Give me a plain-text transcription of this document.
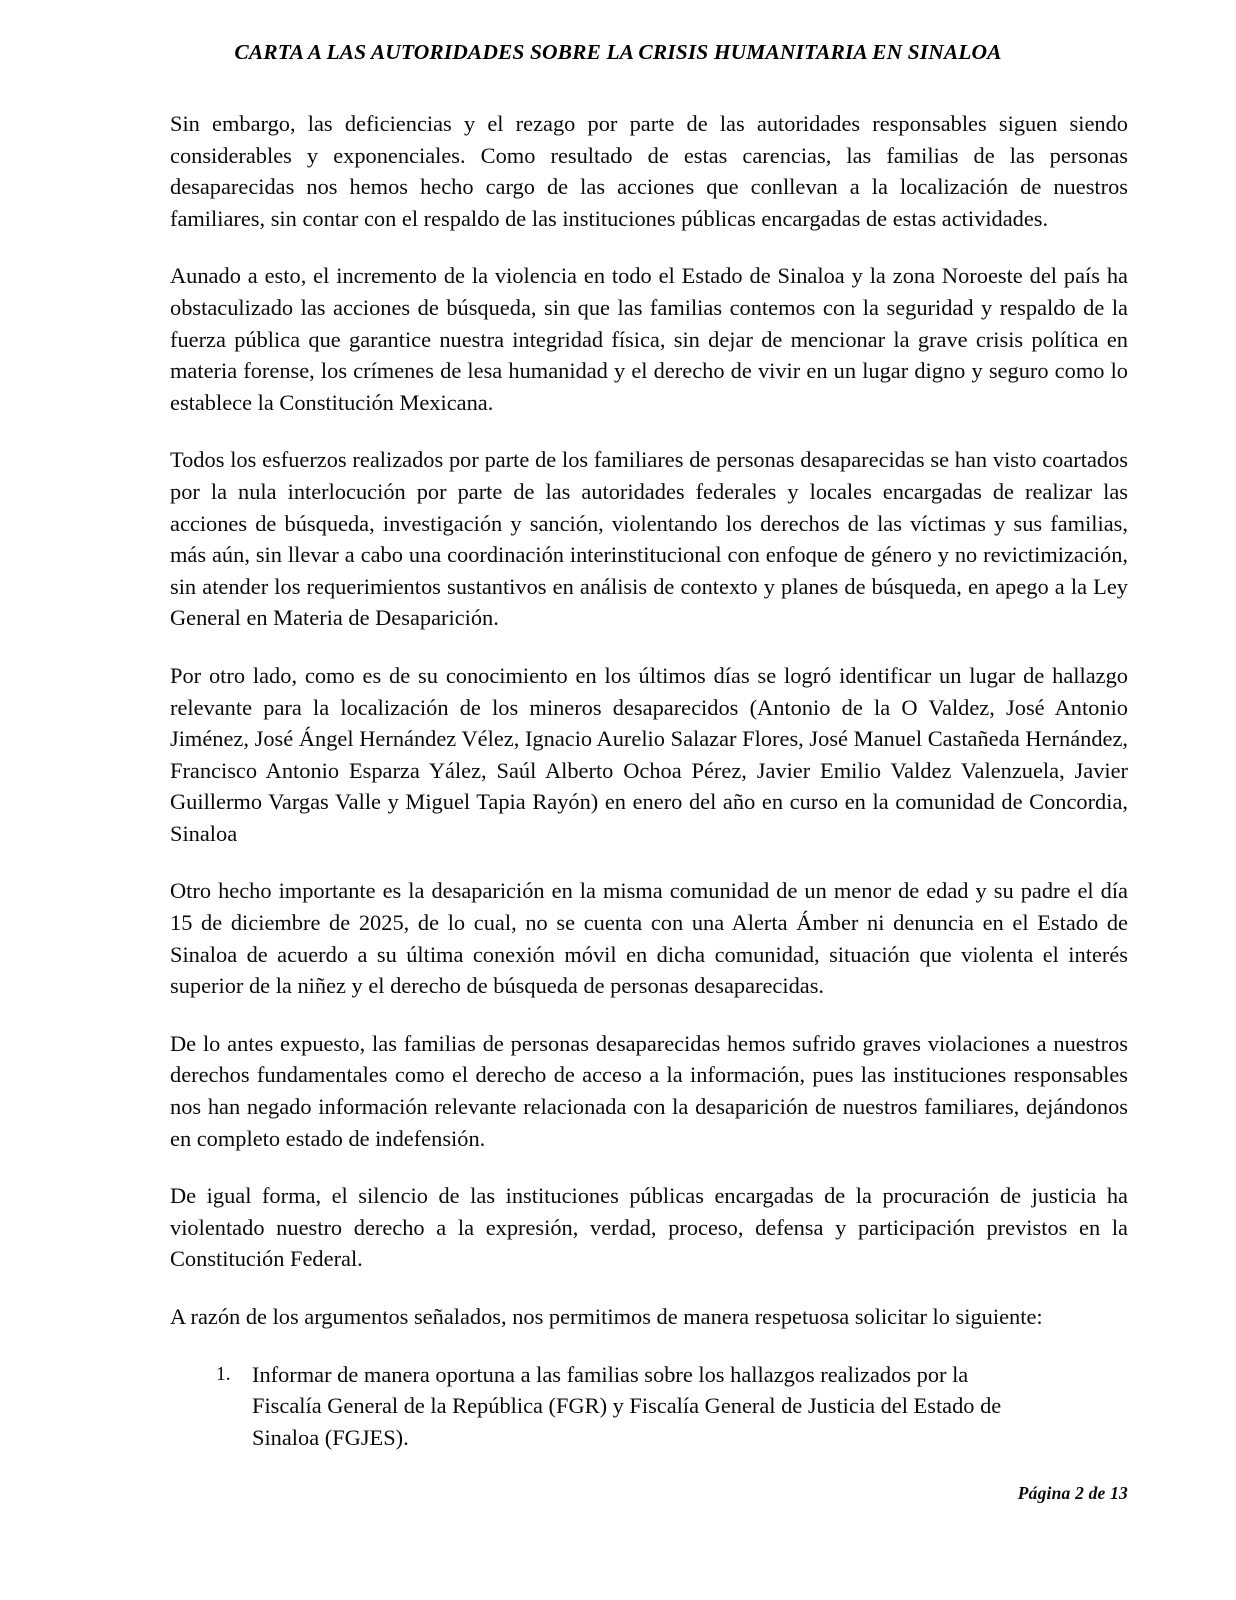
CARTA A LAS AUTORIDADES SOBRE LA CRISIS HUMANITARIA EN SINALOA

Sin embargo, las deficiencias y el rezago por parte de las autoridades responsables siguen siendo considerables y exponenciales. Como resultado de estas carencias, las familias de las personas desaparecidas nos hemos hecho cargo de las acciones que conllevan a la localización de nuestros familiares, sin contar con el respaldo de las instituciones públicas encargadas de estas actividades.

Aunado a esto, el incremento de la violencia en todo el Estado de Sinaloa y la zona Noroeste del país ha obstaculizado las acciones de búsqueda, sin que las familias contemos con la seguridad y respaldo de la fuerza pública que garantice nuestra integridad física, sin dejar de mencionar la grave crisis política en materia forense, los crímenes de lesa humanidad y el derecho de vivir en un lugar digno y seguro como lo establece la Constitución Mexicana.

Todos los esfuerzos realizados por parte de los familiares de personas desaparecidas se han visto coartados por la nula interlocución por parte de las autoridades federales y locales encargadas de realizar las acciones de búsqueda, investigación y sanción, violentando los derechos de las víctimas y sus familias, más aún, sin llevar a cabo una coordinación interinstitucional con enfoque de género y no revictimización, sin atender los requerimientos sustantivos en análisis de contexto y planes de búsqueda, en apego a la Ley General en Materia de Desaparición.

Por otro lado, como es de su conocimiento en los últimos días se logró identificar un lugar de hallazgo relevante para la localización de los mineros desaparecidos (Antonio de la O Valdez, José Antonio Jiménez, José Ángel Hernández Vélez, Ignacio Aurelio Salazar Flores, José Manuel Castañeda Hernández, Francisco Antonio Esparza Yález, Saúl Alberto Ochoa Pérez, Javier Emilio Valdez Valenzuela, Javier Guillermo Vargas Valle y Miguel Tapia Rayón) en enero del año en curso en la comunidad de Concordia, Sinaloa

Otro hecho importante es la desaparición en la misma comunidad de un menor de edad y su padre el día 15 de diciembre de 2025, de lo cual, no se cuenta con una Alerta Ámber ni denuncia en el Estado de Sinaloa de acuerdo a su última conexión móvil en dicha comunidad, situación que violenta el interés superior de la niñez y el derecho de búsqueda de personas desaparecidas.

De lo antes expuesto, las familias de personas desaparecidas hemos sufrido graves violaciones a nuestros derechos fundamentales como el derecho de acceso a la información, pues las instituciones responsables nos han negado información relevante relacionada con la desaparición de nuestros familiares, dejándonos en completo estado de indefensión.

De igual forma, el silencio de las instituciones públicas encargadas de la procuración de justicia ha violentado nuestro derecho a la expresión, verdad, proceso, defensa y participación previstos en la Constitución Federal.

A razón de los argumentos señalados, nos permitimos de manera respetuosa solicitar lo siguiente:

1. Informar de manera oportuna a las familias sobre los hallazgos realizados por la Fiscalía General de la República (FGR) y Fiscalía General de Justicia del Estado de Sinaloa (FGJES).
Página 2 de 13
